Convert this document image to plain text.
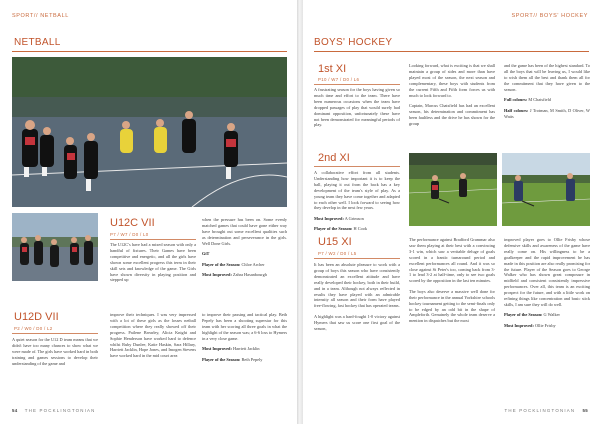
SPORT// NETBALL
NETBALL
U12C VII
P7 / W7 / D0 / L0

The U12C's have had a mixed season with only a handful of fixtures. Their Games have been competitive and energetic, and all the girls have shown some excellent progress this term in their skill sets and knowledge of the game. The Girls have shown diversity in playing position and stepped up

when the pressure has been on. Some evenly matched games that could have gone either way have brought out some excellent qualities such as determination and perseverance in the girls. Well Done Girls.

GiT

Player of the Season: Chloe Archer

Most Improved: Zahra Hasanbourgh

U12D VII
P2 / W0 / D0 / L2

A quiet season for the U12 D team means that we didn't have too many chances to show what we were made of. The girls have worked hard in both training and games sessions to develop their understanding of the game and

improve their techniques. I was very impressed with a lot of these girls as the losses netball competition where they really showed off their progress. Pailene Brearley, Alicia Knight and Sophie Henderson have worked hard to defence whilst Ruby Dunlee, Katie Haskin, Sara Hillary, Harriett Jacklin, Hope Jones, and Imogen Stevens have worked hard in the mid court area

to improve their passing and tactical play. Beth Pepely has been a shooting superstar for this team with her scoring all three goals in what the highlight of the season was; a 6-6 loss to Hymers in a very close game.

Most Improved: Harriett Jacklin

Player of the Season: Beth Pepely

54 THE POCKLINGTONIAN
SPORT// BOYS' HOCKEY
BOYS' HOCKEY
1st XI
P10 / W7 / D0 / L6

A frustrating season for the boys having given so much time and effort to the team. There have been numerous occasions when the team have dropped passages of play that would surely had dominant opposition, unfortunately these have not been demonstrated for meaningful periods of play.

Looking forward, what is exciting is that we shall maintain a group of sides and more than have played most of the season, the next season and complementary, these boys with students from the current Fifth and Fifth form forces us with much to look forward to.

Captain, Marcus Chatsfield has had an excellent season, his determination and commitment has been faultless and the drive he has shown for the group

and the game has been of the highest standard. To all the boys that will be leaving us, I would like to wish them all the best and thank them all for the commitment that they have given to the season.

Full colours: M Chatsfield

Half colours: J Trotman, M Smith, D Oliver, W Watts

2nd XI

A collaborative effort from all students. Understanding how important it is to keep the ball, playing it out from the back has a key development of the team's style of play. As a young team they have come together and adapted to each other well. I look forward to seeing how they develop in the next few years.

Most Improved: A Grimson

Player of the Season: H Cook

U15 XI
P7 / W2 / D0 / L5

It has been an absolute pleasure to work with a group of boys this season who have consistently demonstrated an excellent attitude and have really developed their hockey, both in their build, and in a team. Although not always reflected in results they have played with an admirable intensity all season and their form have played free-flowing, fast hockey that has operated teams.

A highlight was a hard-fought 1-0 victory against Hymers that saw us score one first goal of the season,

The performance against Bradford Grammar also saw them playing at their best with a convincing 3-1 win, which saw a veritable deluge of goals scored in a frantic turnaround period and excellent performances all round. And it was so close against St Peter's too, coming back from 3-1 to lead 3-2 at half-time, only to see two goals scored by the opposition in the last ten minutes.

The boys also deserve a massive well done for their performance in the annual Yorkshire schools hockey tournament getting to the semi-finals only to be edged by an odd bit in the shape of Ampleforth. Genuinely the whole team deserve a mention in dispatches but the most

improved player goes to Ollie Frisby whose defensive skills and awareness of the game have really come on. His willingness to be a goalkeeper and the rapid improvement he has made in this position are also really promising for the future. Player of the Season goes to George Walker who has shown great composure in midfield and consistent consistently impressive performances. Over all, this team is an exciting prospect for the future, and with a little work on refining things like concentration and basic stick skills, I am sure they will do well.

Player of the Season: G Walker

Most Improved: Ollie Frisby

THE POCKLINGTONIAN 55
